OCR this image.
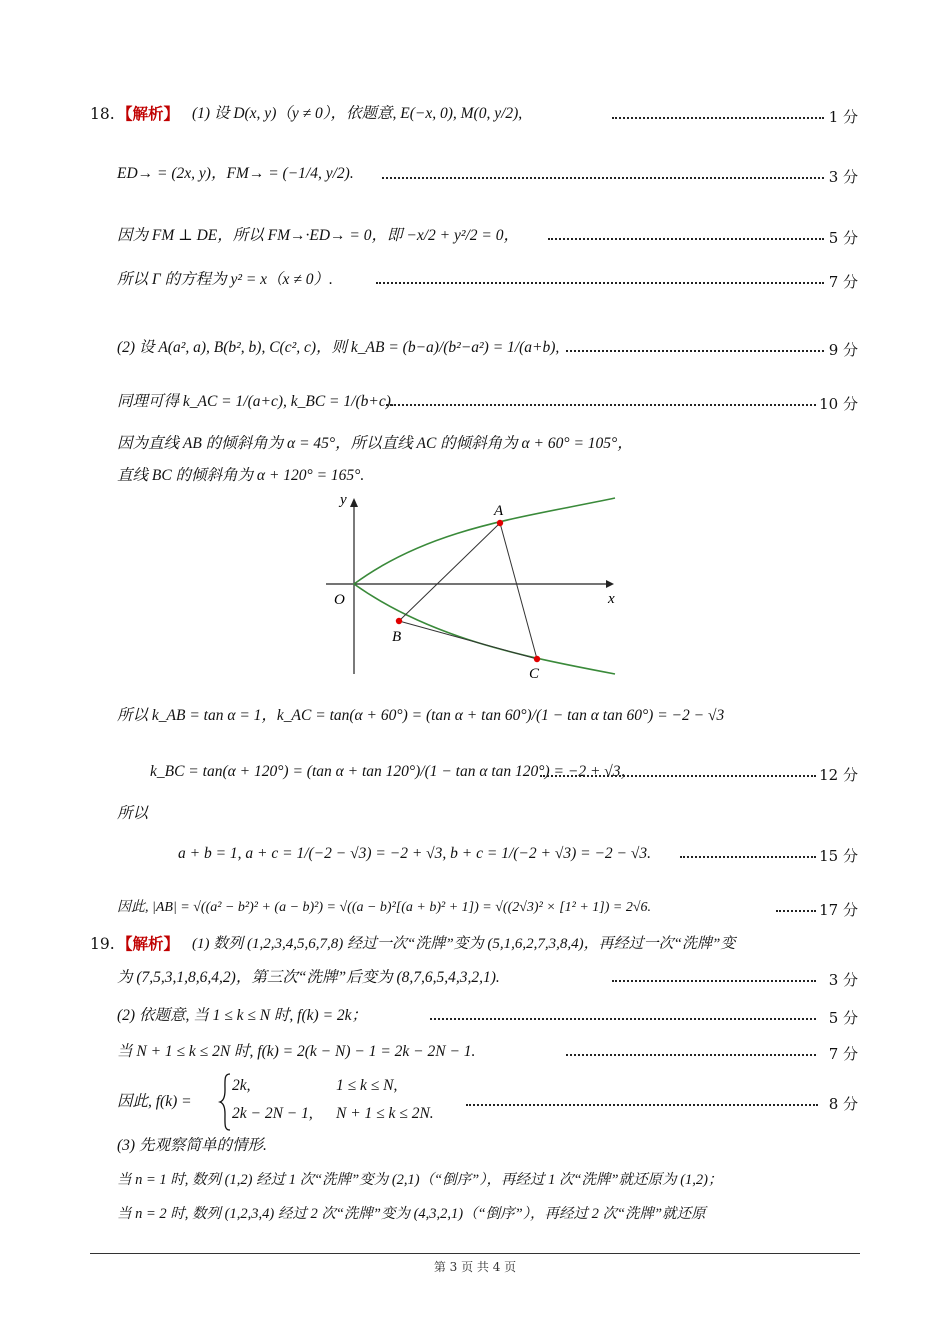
18. 【解析】 (1) 设 D(x, y)（y ≠ 0），依题意, E(−x, 0), M(0, y/2),	1 分
ED→ = (2x, y)，FM→ = (−1/4, y/2).	3 分
因为 FM ⊥ DE，所以 FM→·ED→ = 0，即 −x/2 + y²/2 = 0，	5 分
所以 Γ 的方程为 y² = x（x ≠ 0）.	7 分
(2) 设 A(a², a), B(b², b), C(c², c)，则 k_AB = (b−a)/(b²−a²) = 1/(a+b),	9 分
同理可得 k_AC = 1/(a+c), k_BC = 1/(b+c).	10 分
因为直线 AB 的倾斜角为 α = 45°，所以直线 AC 的倾斜角为 α + 60° = 105°，
直线 BC 的倾斜角为 α + 120° = 165°.
y
x
O
A
B
C
所以 k_AB = tan α = 1，k_AC = tan(α + 60°) = (tan α + tan 60°)/(1 − tan α tan 60°) = −2 − √3
k_BC = tan(α + 120°) = (tan α + tan 120°)/(1 − tan α tan 120°) = −2 + √3，	12 分
所以
a + b = 1, a + c = 1/(−2 − √3) = −2 + √3, b + c = 1/(−2 + √3) = −2 − √3.	15 分
因此, |AB| = √((a² − b²)² + (a − b)²) = √((a − b)²[(a + b)² + 1]) = √((2√3)² × [1² + 1]) = 2√6.	17 分
19. 【解析】 (1) 数列 (1,2,3,4,5,6,7,8) 经过一次“洗牌”变为 (5,1,6,2,7,3,8,4)，再经过一次“洗牌”变
为 (7,5,3,1,8,6,4,2)，第三次“洗牌”后变为 (8,7,6,5,4,3,2,1).	3 分
(2) 依题意, 当 1 ≤ k ≤ N 时, f(k) = 2k；	5 分
当 N + 1 ≤ k ≤ 2N 时, f(k) = 2(k − N) − 1 = 2k − 2N − 1.	7 分
因此, f(k) =
2k,	1 ≤ k ≤ N,
2k − 2N − 1, N + 1 ≤ k ≤ 2N.
8 分
(3) 先观察简单的情形.
当 n = 1 时, 数列 (1,2) 经过 1 次“洗牌”变为 (2,1)（“倒序”），再经过 1 次“洗牌”就还原为 (1,2)；
当 n = 2 时, 数列 (1,2,3,4) 经过 2 次“洗牌”变为 (4,3,2,1)（“倒序”），再经过 2 次“洗牌”就还原
第 3 页 共 4 页
